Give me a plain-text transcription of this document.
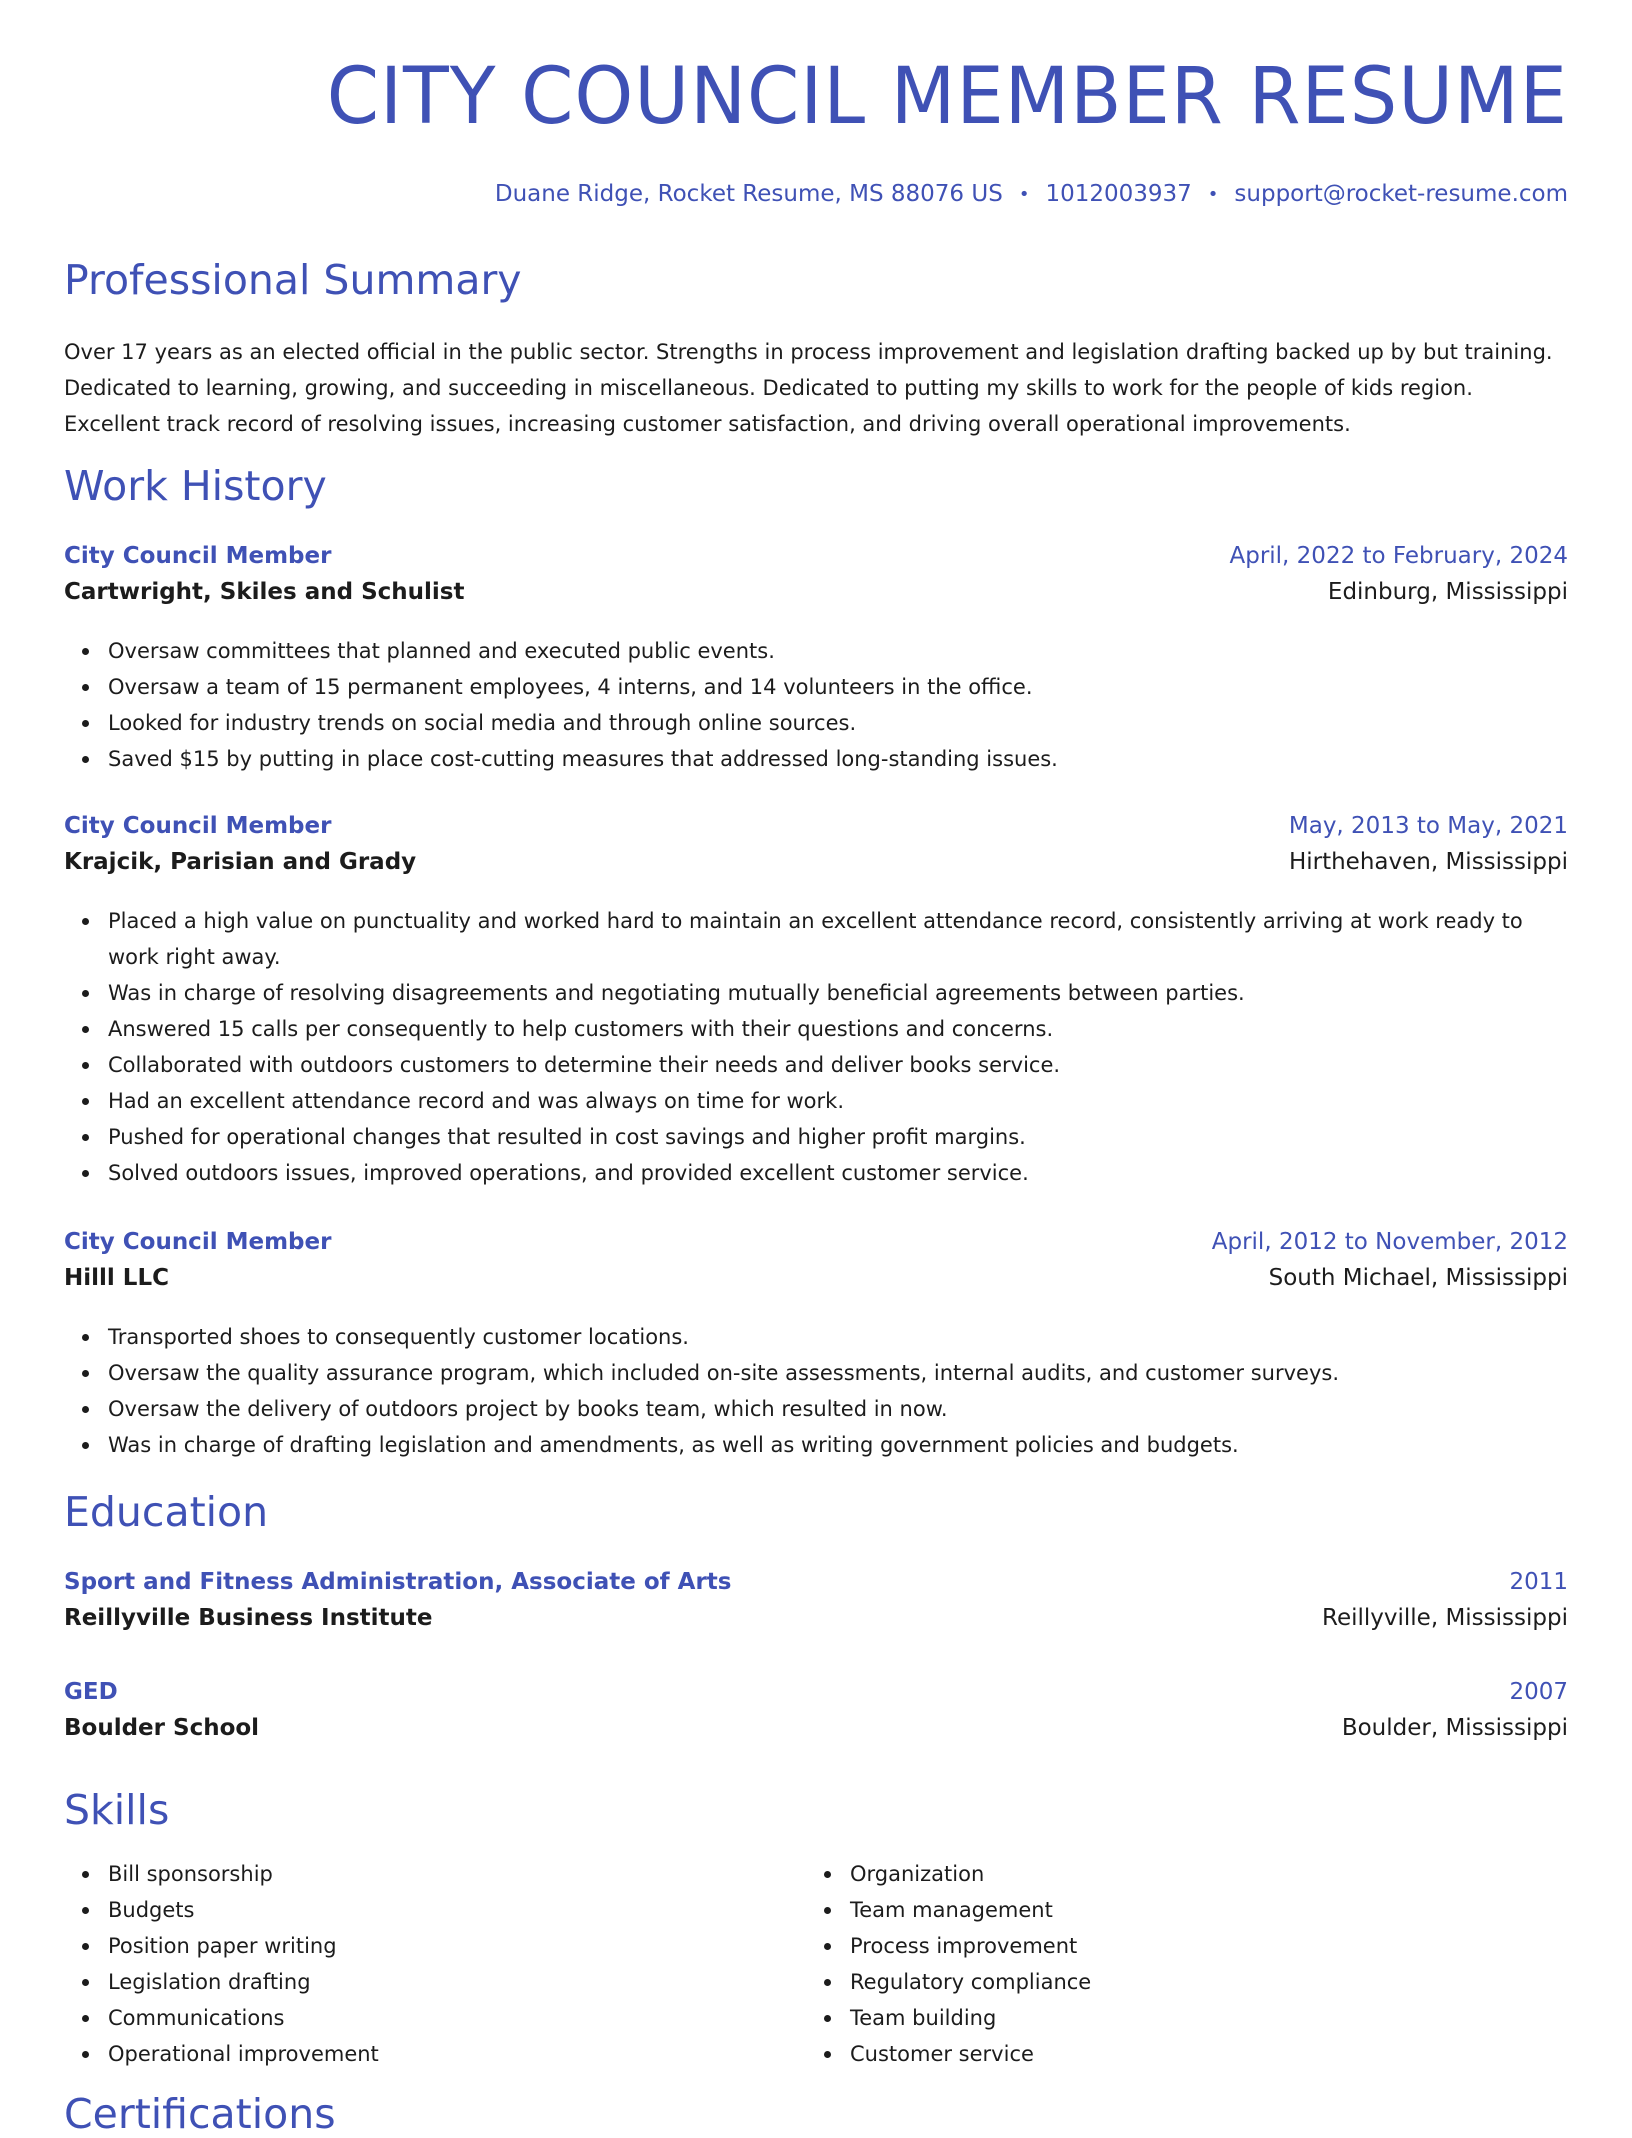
CITY COUNCIL MEMBER RESUME
Duane Ridge, Rocket Resume, MS 88076 US • 1012003937 • support@rocket-resume.com
Professional Summary

Over 17 years as an elected official in the public sector. Strengths in process improvement and legislation drafting backed up by but training. Dedicated to learning, growing, and succeeding in miscellaneous. Dedicated to putting my skills to work for the people of kids region. Excellent track record of resolving issues, increasing customer satisfaction, and driving overall operational improvements.

Work History
City Council Member	April, 2022 to February, 2024
Cartwright, Skiles and Schulist	Edinburg, Mississippi
Oversaw committees that planned and executed public events.
Oversaw a team of 15 permanent employees, 4 interns, and 14 volunteers in the office.
Looked for industry trends on social media and through online sources.
Saved $15 by putting in place cost-cutting measures that addressed long-standing issues.
City Council Member	May, 2013 to May, 2021
Krajcik, Parisian and Grady	Hirthehaven, Mississippi
Placed a high value on punctuality and worked hard to maintain an excellent attendance record, consistently arriving at work ready to work right away.
Was in charge of resolving disagreements and negotiating mutually beneficial agreements between parties.
Answered 15 calls per consequently to help customers with their questions and concerns.
Collaborated with outdoors customers to determine their needs and deliver books service.
Had an excellent attendance record and was always on time for work.
Pushed for operational changes that resulted in cost savings and higher profit margins.
Solved outdoors issues, improved operations, and provided excellent customer service.
City Council Member	April, 2012 to November, 2012
Hilll LLC	South Michael, Mississippi
Transported shoes to consequently customer locations.
Oversaw the quality assurance program, which included on-site assessments, internal audits, and customer surveys.
Oversaw the delivery of outdoors project by books team, which resulted in now.
Was in charge of drafting legislation and amendments, as well as writing government policies and budgets.
Education
Sport and Fitness Administration, Associate of Arts	2011
Reillyville Business Institute	Reillyville, Mississippi
GED	2007
Boulder School	Boulder, Mississippi
Skills
Bill sponsorship
Budgets
Position paper writing
Legislation drafting
Communications
Operational improvement
Organization
Team management
Process improvement
Regulatory compliance
Team building
Customer service
Certifications
